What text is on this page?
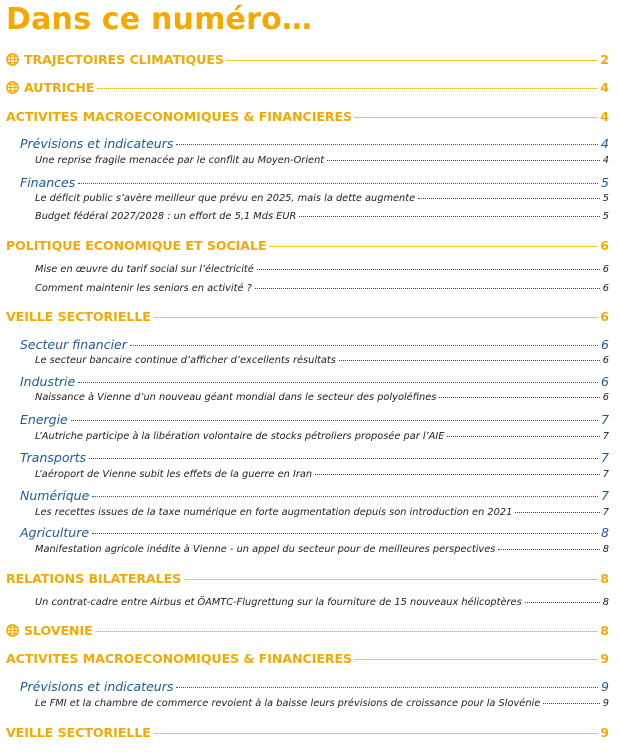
Dans ce numéro…
TRAJECTOIRES CLIMATIQUES	2
AUTRICHE	4
ACTIVITES MACROECONOMIQUES & FINANCIERES	4
Prévisions et indicateurs	4
Une reprise fragile menacée par le conflit au Moyen-Orient	4
Finances	5
Le déficit public s’avère meilleur que prévu en 2025, mais la dette augmente	5
Budget fédéral 2027/2028 : un effort de 5,1 Mds EUR	5
POLITIQUE ECONOMIQUE ET SOCIALE	6
Mise en œuvre du tarif social sur l’électricité	6
Comment maintenir les seniors en activité ?	6
VEILLE SECTORIELLE	6
Secteur financier	6
Le secteur bancaire continue d’afficher d’excellents résultats	6
Industrie	6
Naissance à Vienne d’un nouveau géant mondial dans le secteur des polyoléfines	6
Energie	7
L’Autriche participe à la libération volontaire de stocks pétroliers proposée par l’AIE	7
Transports	7
L’aéroport de Vienne subit les effets de la guerre en Iran	7
Numérique	7
Les recettes issues de la taxe numérique en forte augmentation depuis son introduction en 2021	7
Agriculture	8
Manifestation agricole inédite à Vienne - un appel du secteur pour de meilleures perspectives	8
RELATIONS BILATERALES	8
Un contrat-cadre entre Airbus et ÖAMTC-Flugrettung sur la fourniture de 15 nouveaux hélicoptères	8
SLOVENIE	8
ACTIVITES MACROECONOMIQUES & FINANCIERES	9
Prévisions et indicateurs	9
Le FMI et la chambre de commerce revoient à la baisse leurs prévisions de croissance pour la Slovénie	9
VEILLE SECTORIELLE	9
